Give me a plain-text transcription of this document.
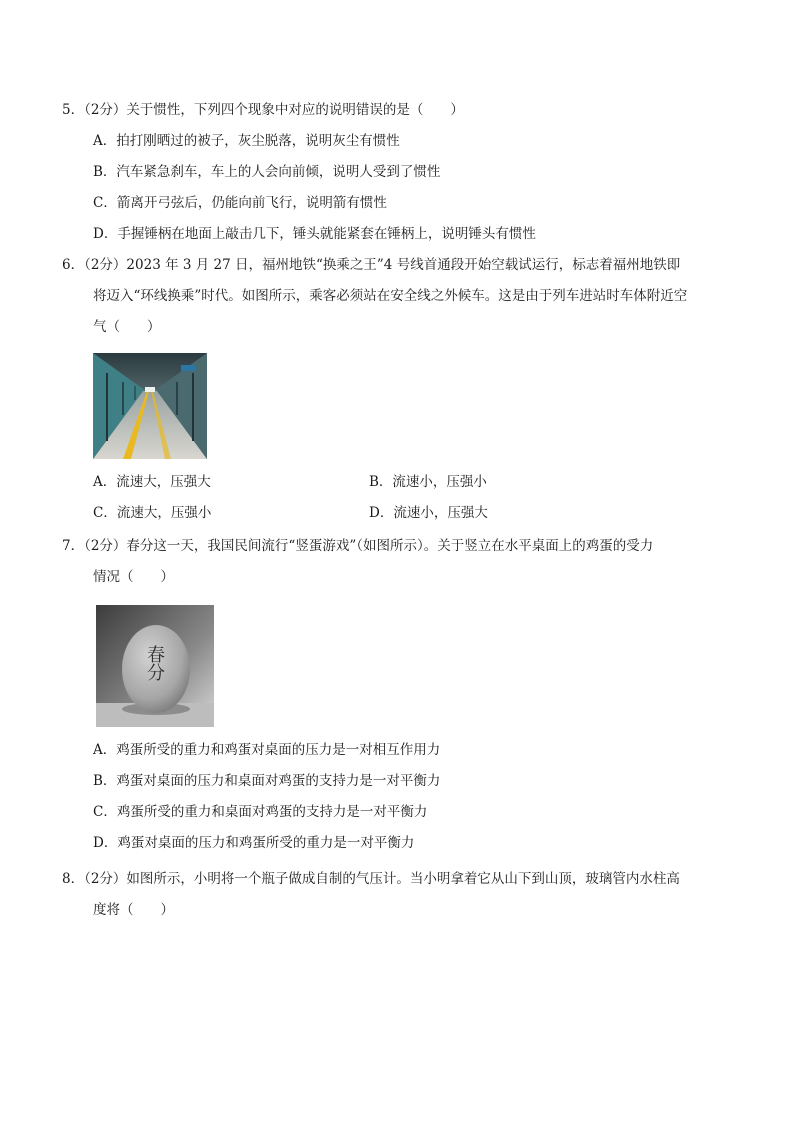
5．（2分）关于惯性，下列四个现象中对应的说明错误的是（　　）

A．拍打刚晒过的被子，灰尘脱落，说明灰尘有惯性

B．汽车紧急刹车，车上的人会向前倾，说明人受到了惯性

C．箭离开弓弦后，仍能向前飞行，说明箭有惯性

D．手握锤柄在地面上敲击几下，锤头就能紧套在锤柄上，说明锤头有惯性

6．（2分）2023 年 3 月 27 日，福州地铁“换乘之王”4 号线首通段开始空载试运行，标志着福州地铁即

将迈入“环线换乘”时代。如图所示，乘客必须站在安全线之外候车。这是由于列车进站时车体附近空

气（　　）

A．流速大，压强大	B．流速小，压强小
C．流速大，压强小	D．流速小，压强大

7．（2分）春分这一天，我国民间流行“竖蛋游戏”（如图所示）。关于竖立在水平桌面上的鸡蛋的受力

情况（　　）

春分

A．鸡蛋所受的重力和鸡蛋对桌面的压力是一对相互作用力

B．鸡蛋对桌面的压力和桌面对鸡蛋的支持力是一对平衡力

C．鸡蛋所受的重力和桌面对鸡蛋的支持力是一对平衡力

D．鸡蛋对桌面的压力和鸡蛋所受的重力是一对平衡力

8．（2分）如图所示，小明将一个瓶子做成自制的气压计。当小明拿着它从山下到山顶，玻璃管内水柱高

度将（　　）
